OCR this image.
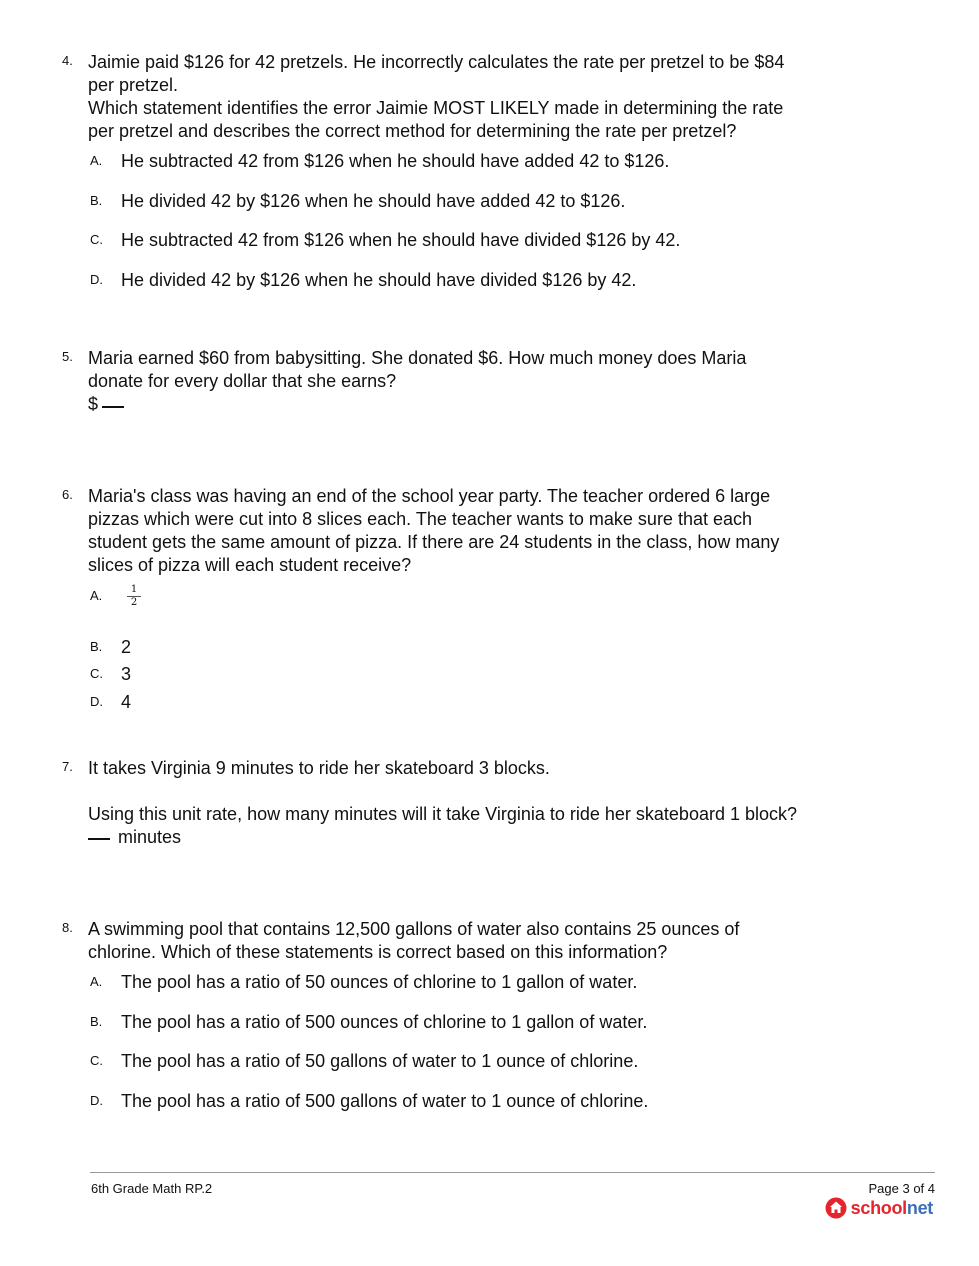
4. Jaimie paid $126 for 42 pretzels. He incorrectly calculates the rate per pretzel to be $84
per pretzel.
Which statement identifies the error Jaimie MOST LIKELY made in determining the rate
per pretzel and describes the correct method for determining the rate per pretzel?
A. He subtracted 42 from $126 when he should have added 42 to $126.
B. He divided 42 by $126 when he should have added 42 to $126.
C. He subtracted 42 from $126 when he should have divided $126 by 42.
D. He divided 42 by $126 when he should have divided $126 by 42.
5. Maria earned $60 from babysitting. She donated $6. How much money does Maria
donate for every dollar that she earns?
$
6. Maria's class was having an end of the school year party. The teacher ordered 6 large
pizzas which were cut into 8 slices each. The teacher wants to make sure that each
student gets the same amount of pizza. If there are 24 students in the class, how many
slices of pizza will each student receive?
A. $\frac{1}{2}$
B. 2
C. 3
D. 4
7. It takes Virginia 9 minutes to ride her skateboard 3 blocks.
Using this unit rate, how many minutes will it take Virginia to ride her skateboard 1 block?
minutes
8. A swimming pool that contains 12,500 gallons of water also contains 25 ounces of
chlorine. Which of these statements is correct based on this information?
A. The pool has a ratio of 50 ounces of chlorine to 1 gallon of water.
B. The pool has a ratio of 500 ounces of chlorine to 1 gallon of water.
C. The pool has a ratio of 50 gallons of water to 1 ounce of chlorine.
D. The pool has a ratio of 500 gallons of water to 1 ounce of chlorine.
6th Grade Math RP.2	Page 3 of 4
schoolnet
